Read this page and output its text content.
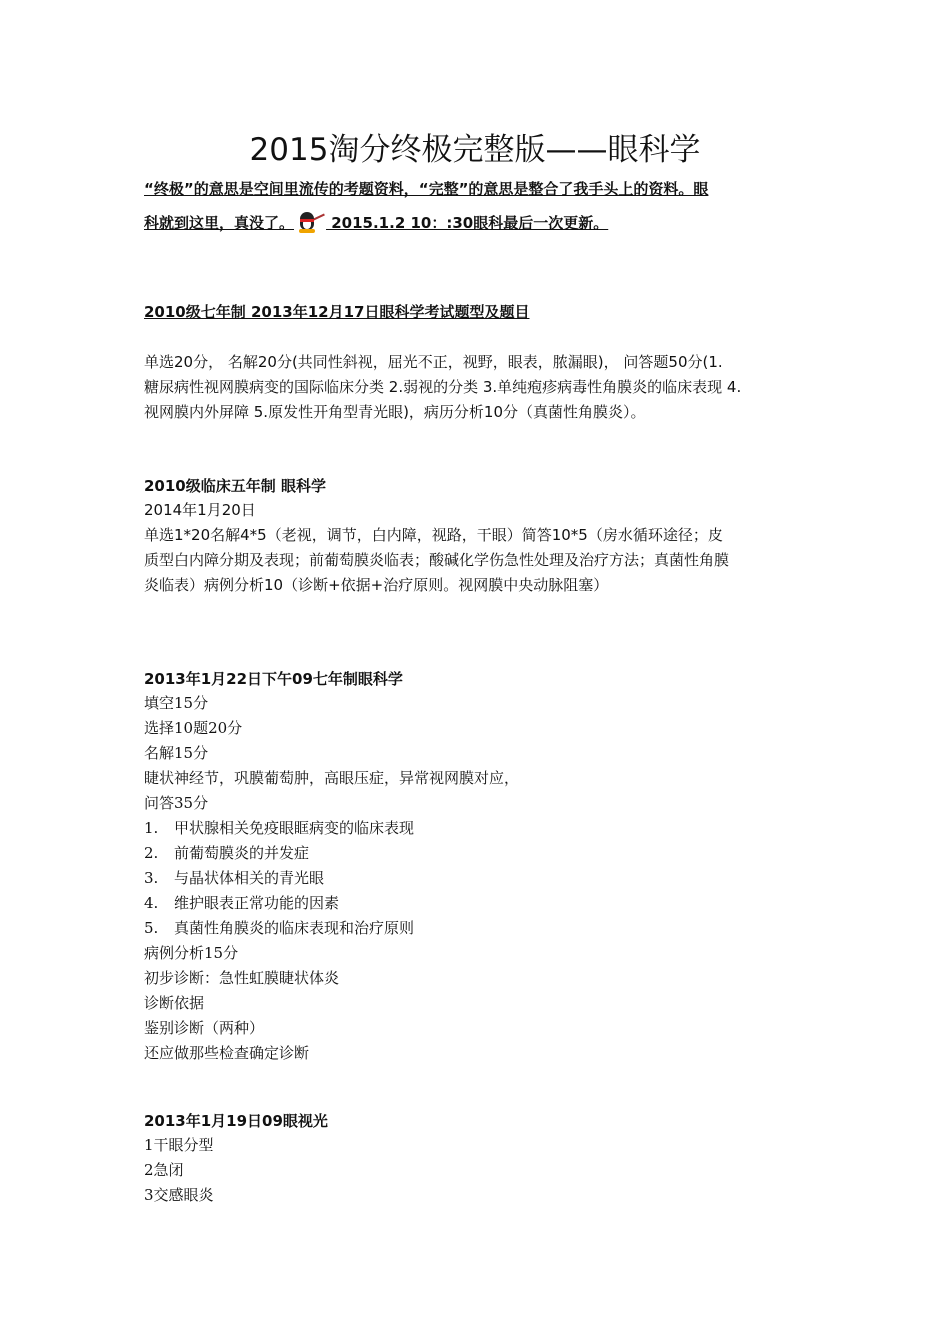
2015淘分终极完整版——眼科学
“终极”的意思是空间里流传的考题资料，“完整”的意思是整合了我手头上的资料。眼
科就到这里，真没了。
2015.1.2 10：:30眼科最后一次更新。
2010级七年制 2013年12月17日眼科学考试题型及题目
单选20分， 名解20分(共同性斜视，屈光不正，视野，眼表，脓漏眼)， 问答题50分(1.
糖尿病性视网膜病变的国际临床分类 2.弱视的分类 3.单纯疱疹病毒性角膜炎的临床表现 4.
视网膜内外屏障 5.原发性开角型青光眼)，病历分析10分（真菌性角膜炎）。
2010级临床五年制 眼科学
2014年1月20日
单选1*20名解4*5（老视，调节，白内障，视路，干眼）简答10*5（房水循环途径；皮
质型白内障分期及表现；前葡萄膜炎临表；酸碱化学伤急性处理及治疗方法；真菌性角膜
炎临表）病例分析10（诊断+依据+治疗原则。视网膜中央动脉阻塞）
2013年1月22日下午09七年制眼科学
填空15分
选择10题20分
名解15分
睫状神经节，巩膜葡萄肿，高眼压症，异常视网膜对应，
问答35分
1. 甲状腺相关免疫眼眶病变的临床表现
2. 前葡萄膜炎的并发症
3. 与晶状体相关的青光眼
4. 维护眼表正常功能的因素
5. 真菌性角膜炎的临床表现和治疗原则
病例分析15分
初步诊断：急性虹膜睫状体炎
诊断依据
鉴别诊断（两种）
还应做那些检查确定诊断
2013年1月19日09眼视光
1干眼分型
2急闭
3交感眼炎
